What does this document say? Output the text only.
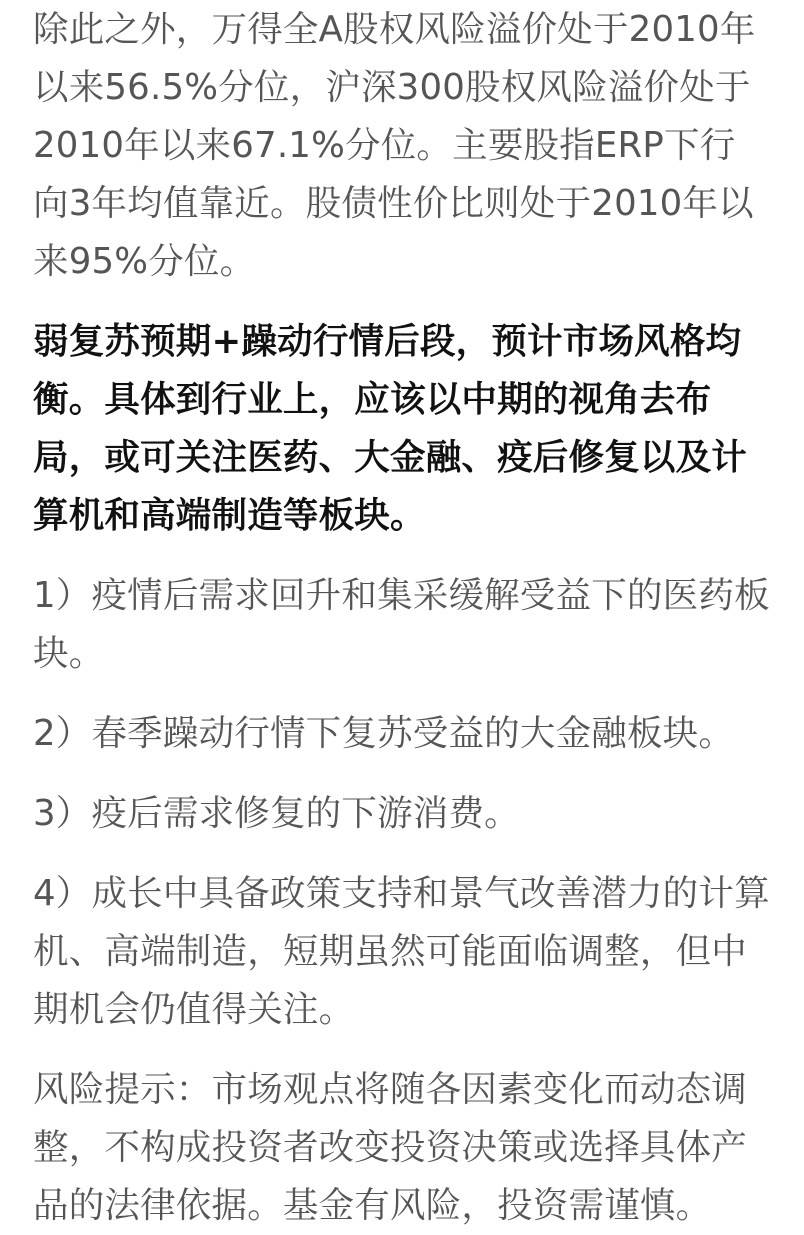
除此之外，万得全A股权风险溢价处于2010年以来56.5%分位，沪深300股权风险溢价处于2010年以来67.1%分位。主要股指ERP下行向3年均值靠近。股债性价比则处于2010年以来95%分位。

弱复苏预期+躁动行情后段，预计市场风格均衡。具体到行业上，应该以中期的视角去布局，或可关注医药、大金融、疫后修复以及计算机和高端制造等板块。

1）疫情后需求回升和集采缓解受益下的医药板块。

2）春季躁动行情下复苏受益的大金融板块。

3）疫后需求修复的下游消费。

4）成长中具备政策支持和景气改善潜力的计算机、高端制造，短期虽然可能面临调整，但中期机会仍值得关注。

风险提示：市场观点将随各因素变化而动态调整，不构成投资者改变投资决策或选择具体产品的法律依据。基金有风险，投资需谨慎。
